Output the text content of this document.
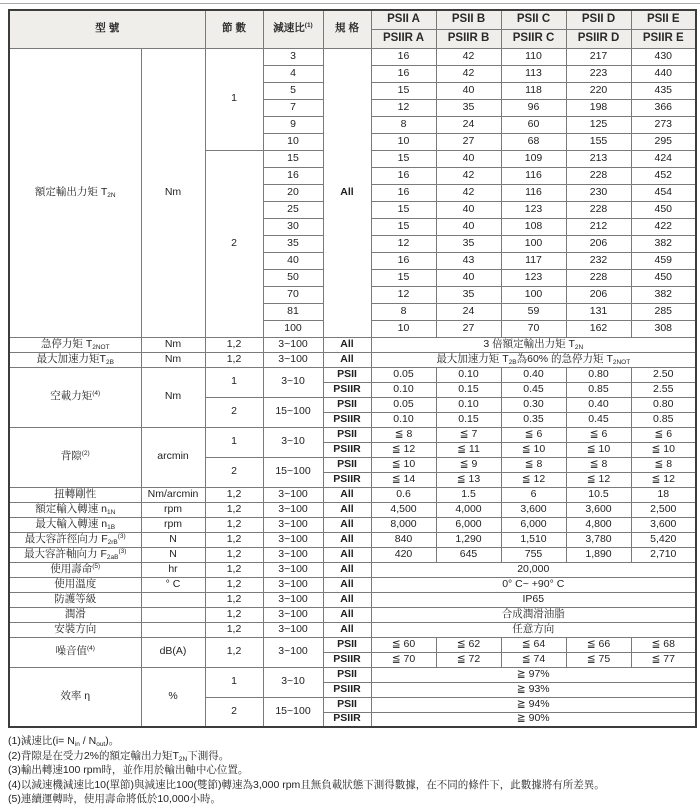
型 號		節 數	減速比$^{(1)}$	規 格	PSII A	PSII B	PSII C	PSII D	PSII E
					PSIIR A	PSIIR B	PSIIR C	PSIIR D	PSIIR E
額定輸出力矩 $T_{2N}$	Nm	1	3	All	16	42	110	217	430
			4		16	42	113	223	440
			5		15	40	118	220	435
			7		12	35	96	198	366
			9		8	24	60	125	273
			10		10	27	68	155	295
		2	15		15	40	109	213	424
			16		16	42	116	228	452
			20		16	42	116	230	454
			25		15	40	123	228	450
			30		15	40	108	212	422
			35		12	35	100	206	382
			40		16	43	117	232	459
			50		15	40	123	228	450
			70		12	35	100	206	382
			81		8	24	59	131	285
			100		10	27	70	162	308
急停力矩 $T_{2NOT}$	Nm	1,2	3~100	All	3 倍額定輸出力矩 $T_{2N}$
最大加速力矩$T_{2B}$	Nm	1,2	3~100	All	最大加速力矩 $T_{2B}$為60% 的急停力矩 $T_{2NOT}$
空載力矩$^{(4)}$	Nm	1	3~10	PSII	0.05	0.10	0.40	0.80	2.50
				PSIIR	0.10	0.15	0.45	0.85	2.55
		2	15~100	PSII	0.05	0.10	0.30	0.40	0.80
				PSIIR	0.10	0.15	0.35	0.45	0.85
背隙$^{(2)}$	arcmin	1	3~10	PSII	≦ 8	≦ 7	≦ 6	≦ 6	≦ 6
				PSIIR	≦ 12	≦ 11	≦ 10	≦ 10	≦ 10
		2	15~100	PSII	≦ 10	≦ 9	≦ 8	≦ 8	≦ 8
				PSIIR	≦ 14	≦ 13	≦ 12	≦ 12	≦ 12
扭轉剛性	Nm/arcmin	1,2	3~100	All	0.6	1.5	6	10.5	18
額定輸入轉速 $n_{1N}$	rpm	1,2	3~100	All	4,500	4,000	3,600	3,600	2,500
最大輸入轉速 $n_{1B}$	rpm	1,2	3~100	All	8,000	6,000	6,000	4,800	3,600
最大容許徑向力 $F_{2rB}^{(3)}$	N	1,2	3~100	All	840	1,290	1,510	3,780	5,420
最大容許軸向力 $F_{2aB}^{(3)}$	N	1,2	3~100	All	420	645	755	1,890	2,710
使用壽命$^{(5)}$	hr	1,2	3~100	All	20,000				
使用溫度	° C	1,2	3~100	All	0° C~ +90° C				
防護等級		1,2	3~100	All	IP65				
潤滑		1,2	3~100	All	合成潤滑油脂				
安裝方向		1,2	3~100	All	任意方向				
噪音值$^{(4)}$	dB(A)	1,2	3~100	PSII	≦ 60	≦ 62	≦ 64	≦ 66	≦ 68
				PSIIR	≦ 70	≦ 72	≦ 74	≦ 75	≦ 77
效率 η	%	1	3~10	PSII	≧ 97%				
				PSIIR	≧ 93%				
		2	15~100	PSII	≧ 94%				
				PSIIR	≧ 90%				
(1)減速比$(i= N_{in} / N_{out})$。
(2)背隙是在受力2%的額定輸出力矩$T_{2N}$下測得。
(3)輸出轉速100 rpm時，並作用於輸出軸中心位置。
(4)以減速機減速比10(單節)與減速比100(雙節)轉速為3,000 rpm且無負載狀態下測得數據，在不同的條件下，此數據將有所差異。
(5)連續運轉時，使用壽命將低於10,000小時。
